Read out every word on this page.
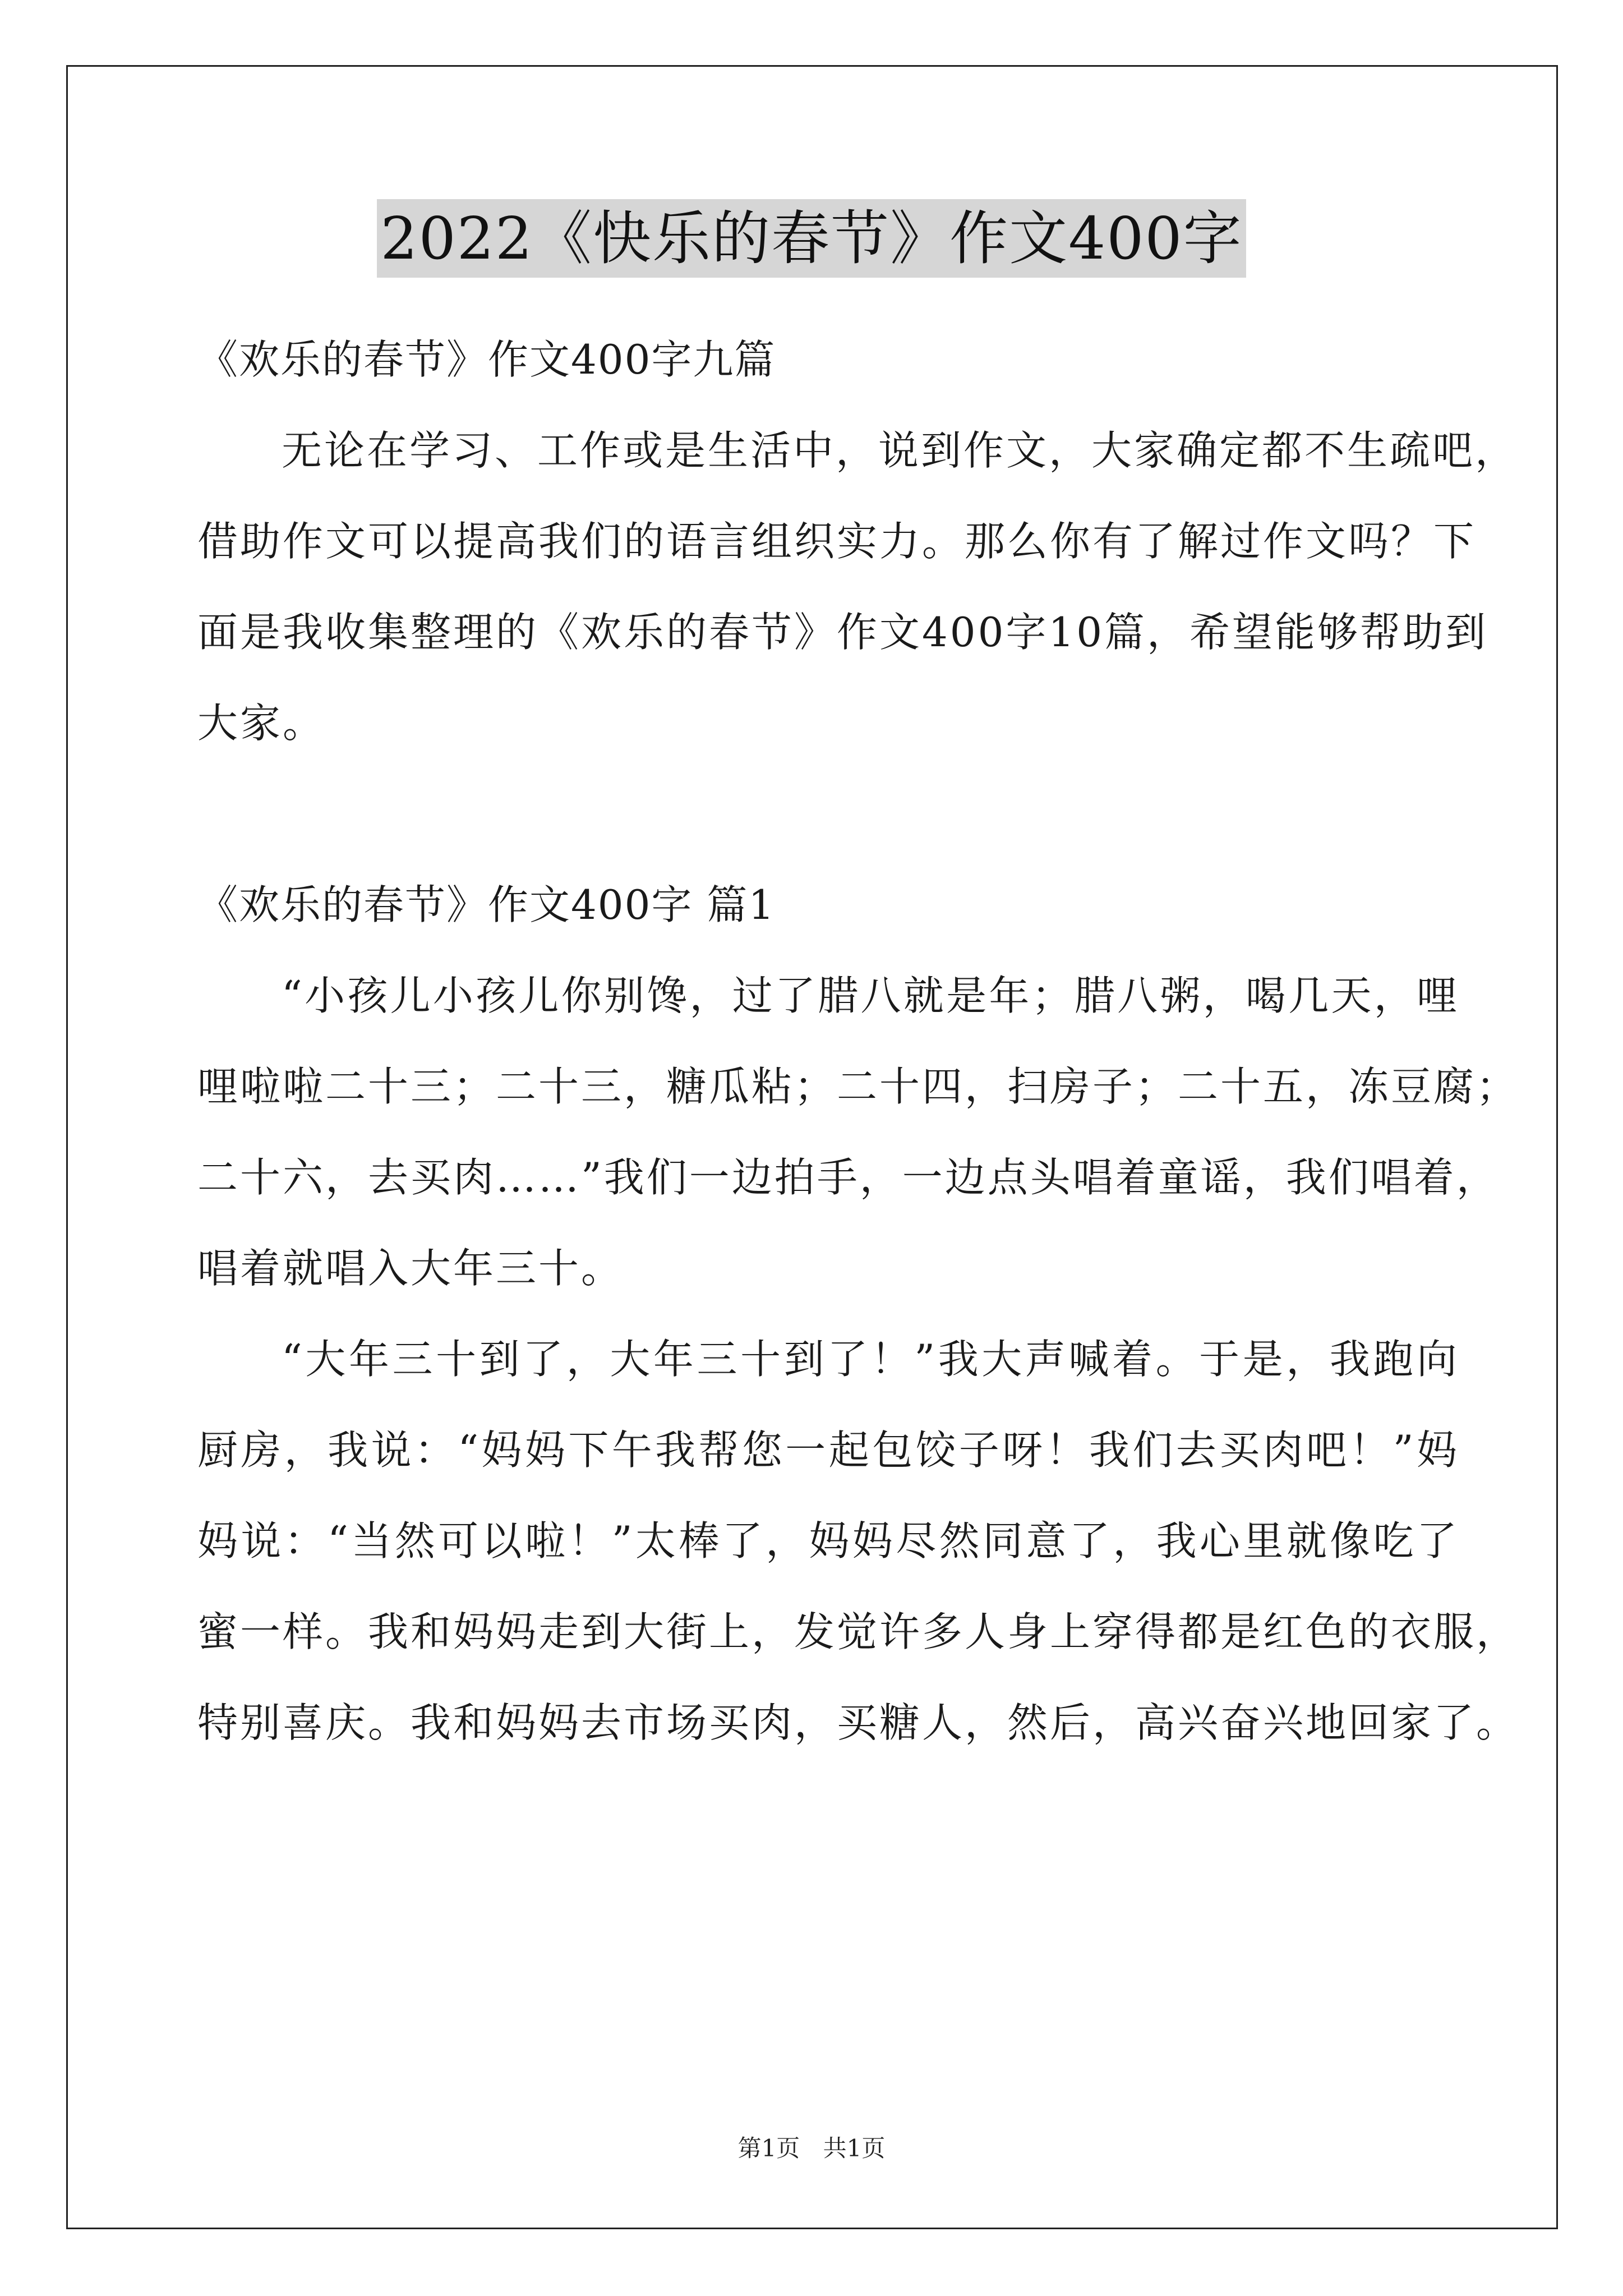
2022《快乐的春节》作文400字
《欢乐的春节》作文400字九篇
无论在学习、工作或是生活中，说到作文，大家确定都不生疏吧，
借助作文可以提高我们的语言组织实力。那么你有了解过作文吗？下
面是我收集整理的《欢乐的春节》作文400字10篇，希望能够帮助到
大家。
《欢乐的春节》作文400字 篇1
“小孩儿小孩儿你别馋，过了腊八就是年；腊八粥，喝几天，哩
哩啦啦二十三；二十三，糖瓜粘；二十四，扫房子；二十五，冻豆腐；
二十六，去买肉……”我们一边拍手，一边点头唱着童谣，我们唱着，
唱着就唱入大年三十。
“大年三十到了，大年三十到了！”我大声喊着。于是，我跑向
厨房，我说：“妈妈下午我帮您一起包饺子呀！我们去买肉吧！”妈
妈说：“当然可以啦！”太棒了，妈妈尽然同意了，我心里就像吃了
蜜一样。我和妈妈走到大街上，发觉许多人身上穿得都是红色的衣服，
特别喜庆。我和妈妈去市场买肉，买糖人，然后，高兴奋兴地回家了。
第1页 共1页
